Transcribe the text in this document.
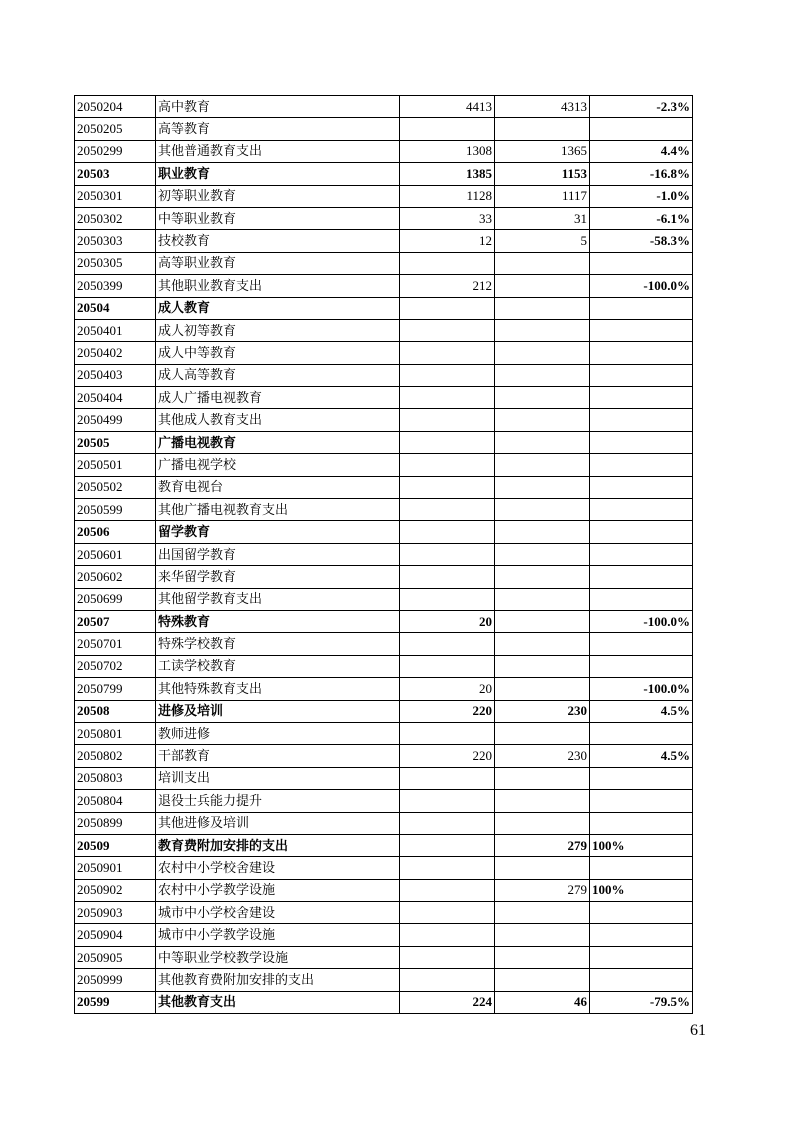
2050204	高中教育	4413	4313	-2.3%
2050205	高等教育			
2050299	其他普通教育支出	1308	1365	4.4%
20503	职业教育	1385	1153	-16.8%
2050301	初等职业教育	1128	1117	-1.0%
2050302	中等职业教育	33	31	-6.1%
2050303	技校教育	12	5	-58.3%
2050305	高等职业教育			
2050399	其他职业教育支出	212		-100.0%
20504	成人教育			
2050401	成人初等教育			
2050402	成人中等教育			
2050403	成人高等教育			
2050404	成人广播电视教育			
2050499	其他成人教育支出			
20505	广播电视教育			
2050501	广播电视学校			
2050502	教育电视台			
2050599	其他广播电视教育支出			
20506	留学教育			
2050601	出国留学教育			
2050602	来华留学教育			
2050699	其他留学教育支出			
20507	特殊教育	20		-100.0%
2050701	特殊学校教育			
2050702	工读学校教育			
2050799	其他特殊教育支出	20		-100.0%
20508	进修及培训	220	230	4.5%
2050801	教师进修			
2050802	干部教育	220	230	4.5%
2050803	培训支出			
2050804	退役士兵能力提升			
2050899	其他进修及培训			
20509	教育费附加安排的支出		279	100%
2050901	农村中小学校舍建设			
2050902	农村中小学教学设施		279	100%
2050903	城市中小学校舍建设			
2050904	城市中小学教学设施			
2050905	中等职业学校教学设施			
2050999	其他教育费附加安排的支出			
20599	其他教育支出	224	46	-79.5%
61
